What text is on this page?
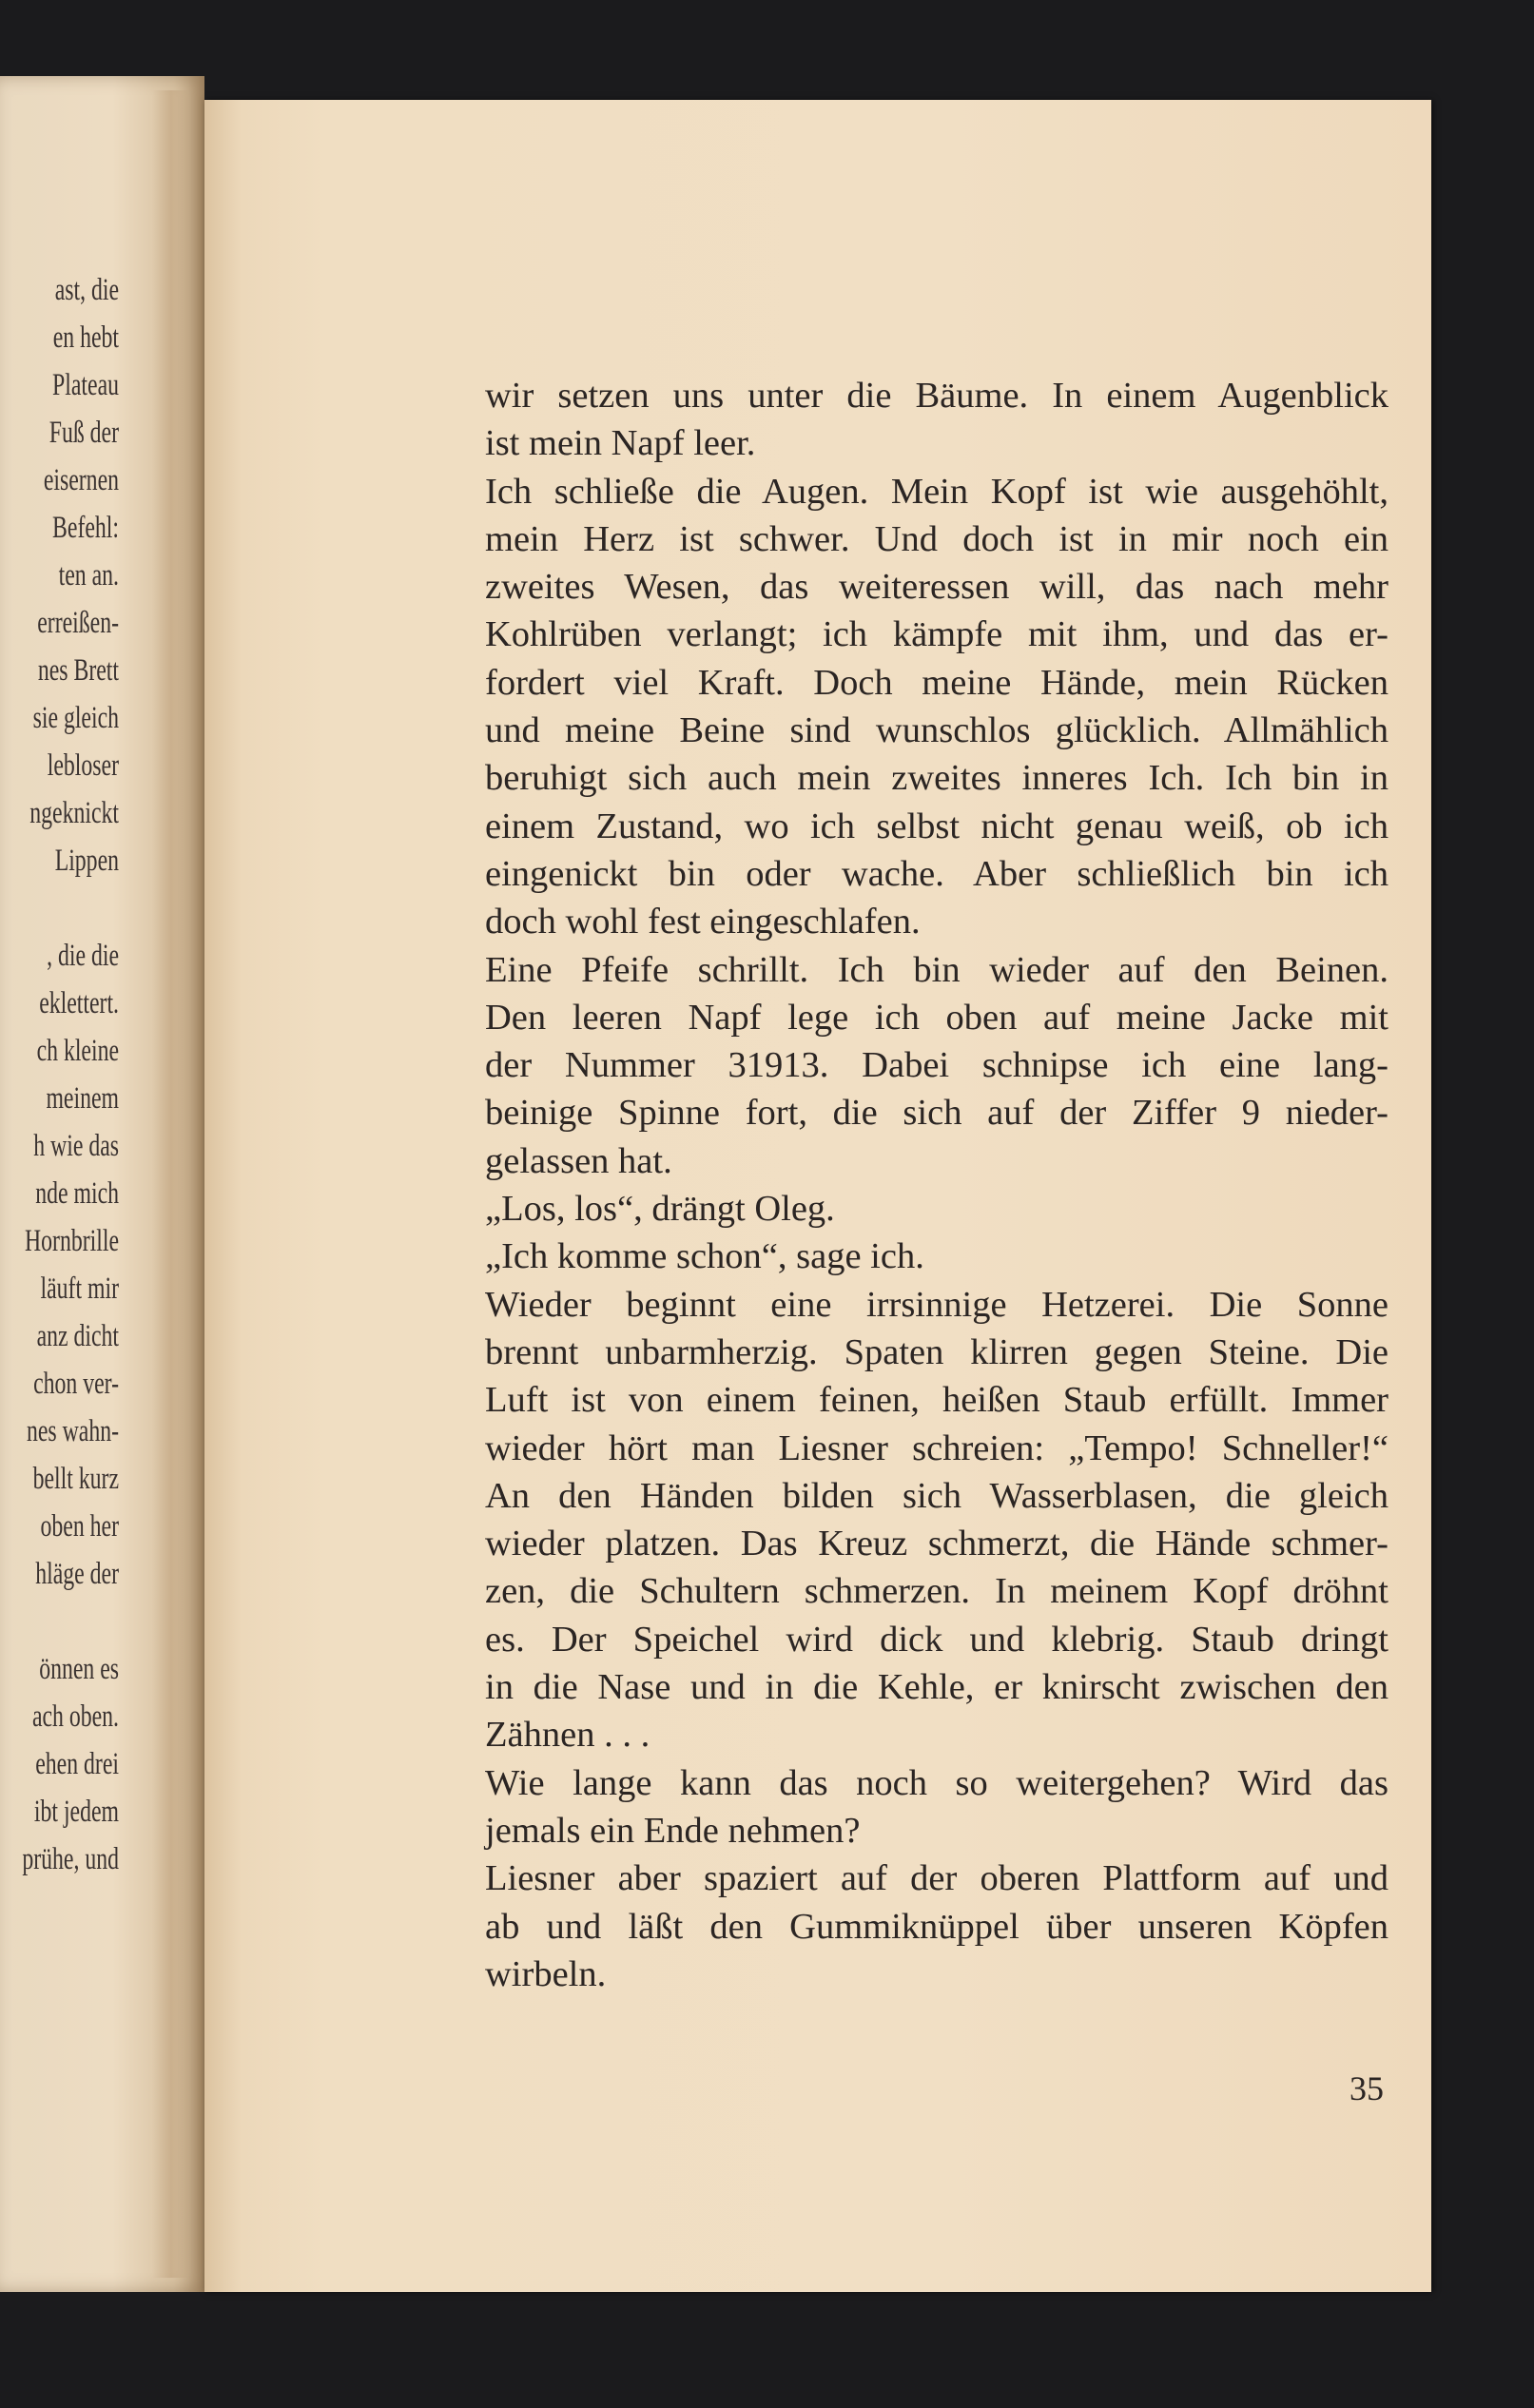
ast, die
en hebt
Plateau
Fuß der
eisernen
Befehl:
ten an.
erreißen-
nes Brett
sie gleich
lebloser
ngeknickt
Lippen
, die die
eklettert.
ch kleine
meinem
h wie das
nde mich
Hornbrille
läuft mir
anz dicht
chon ver-
nes wahn-
bellt kurz
oben her
hläge der
önnen es
ach oben.
ehen drei
ibt jedem
prühe, und
wir setzen uns unter die Bäume. In einem Augenblick
ist mein Napf leer.
Ich schließe die Augen. Mein Kopf ist wie ausgehöhlt,
mein Herz ist schwer. Und doch ist in mir noch ein
zweites Wesen, das weiteressen will, das nach mehr
Kohlrüben verlangt; ich kämpfe mit ihm, und das er-
fordert viel Kraft. Doch meine Hände, mein Rücken
und meine Beine sind wunschlos glücklich. Allmählich
beruhigt sich auch mein zweites inneres Ich. Ich bin in
einem Zustand, wo ich selbst nicht genau weiß, ob ich
eingenickt bin oder wache. Aber schließlich bin ich
doch wohl fest eingeschlafen.
Eine Pfeife schrillt. Ich bin wieder auf den Beinen.
Den leeren Napf lege ich oben auf meine Jacke mit
der Nummer 31913. Dabei schnipse ich eine lang-
beinige Spinne fort, die sich auf der Ziffer 9 nieder-
gelassen hat.
„Los, los“, drängt Oleg.
„Ich komme schon“, sage ich.
Wieder beginnt eine irrsinnige Hetzerei. Die Sonne
brennt unbarmherzig. Spaten klirren gegen Steine. Die
Luft ist von einem feinen, heißen Staub erfüllt. Immer
wieder hört man Liesner schreien: „Tempo! Schneller!“
An den Händen bilden sich Wasserblasen, die gleich
wieder platzen. Das Kreuz schmerzt, die Hände schmer-
zen, die Schultern schmerzen. In meinem Kopf dröhnt
es. Der Speichel wird dick und klebrig. Staub dringt
in die Nase und in die Kehle, er knirscht zwischen den
Zähnen . . .
Wie lange kann das noch so weitergehen? Wird das
jemals ein Ende nehmen?
Liesner aber spaziert auf der oberen Plattform auf und
ab und läßt den Gummiknüppel über unseren Köpfen
wirbeln.
35
